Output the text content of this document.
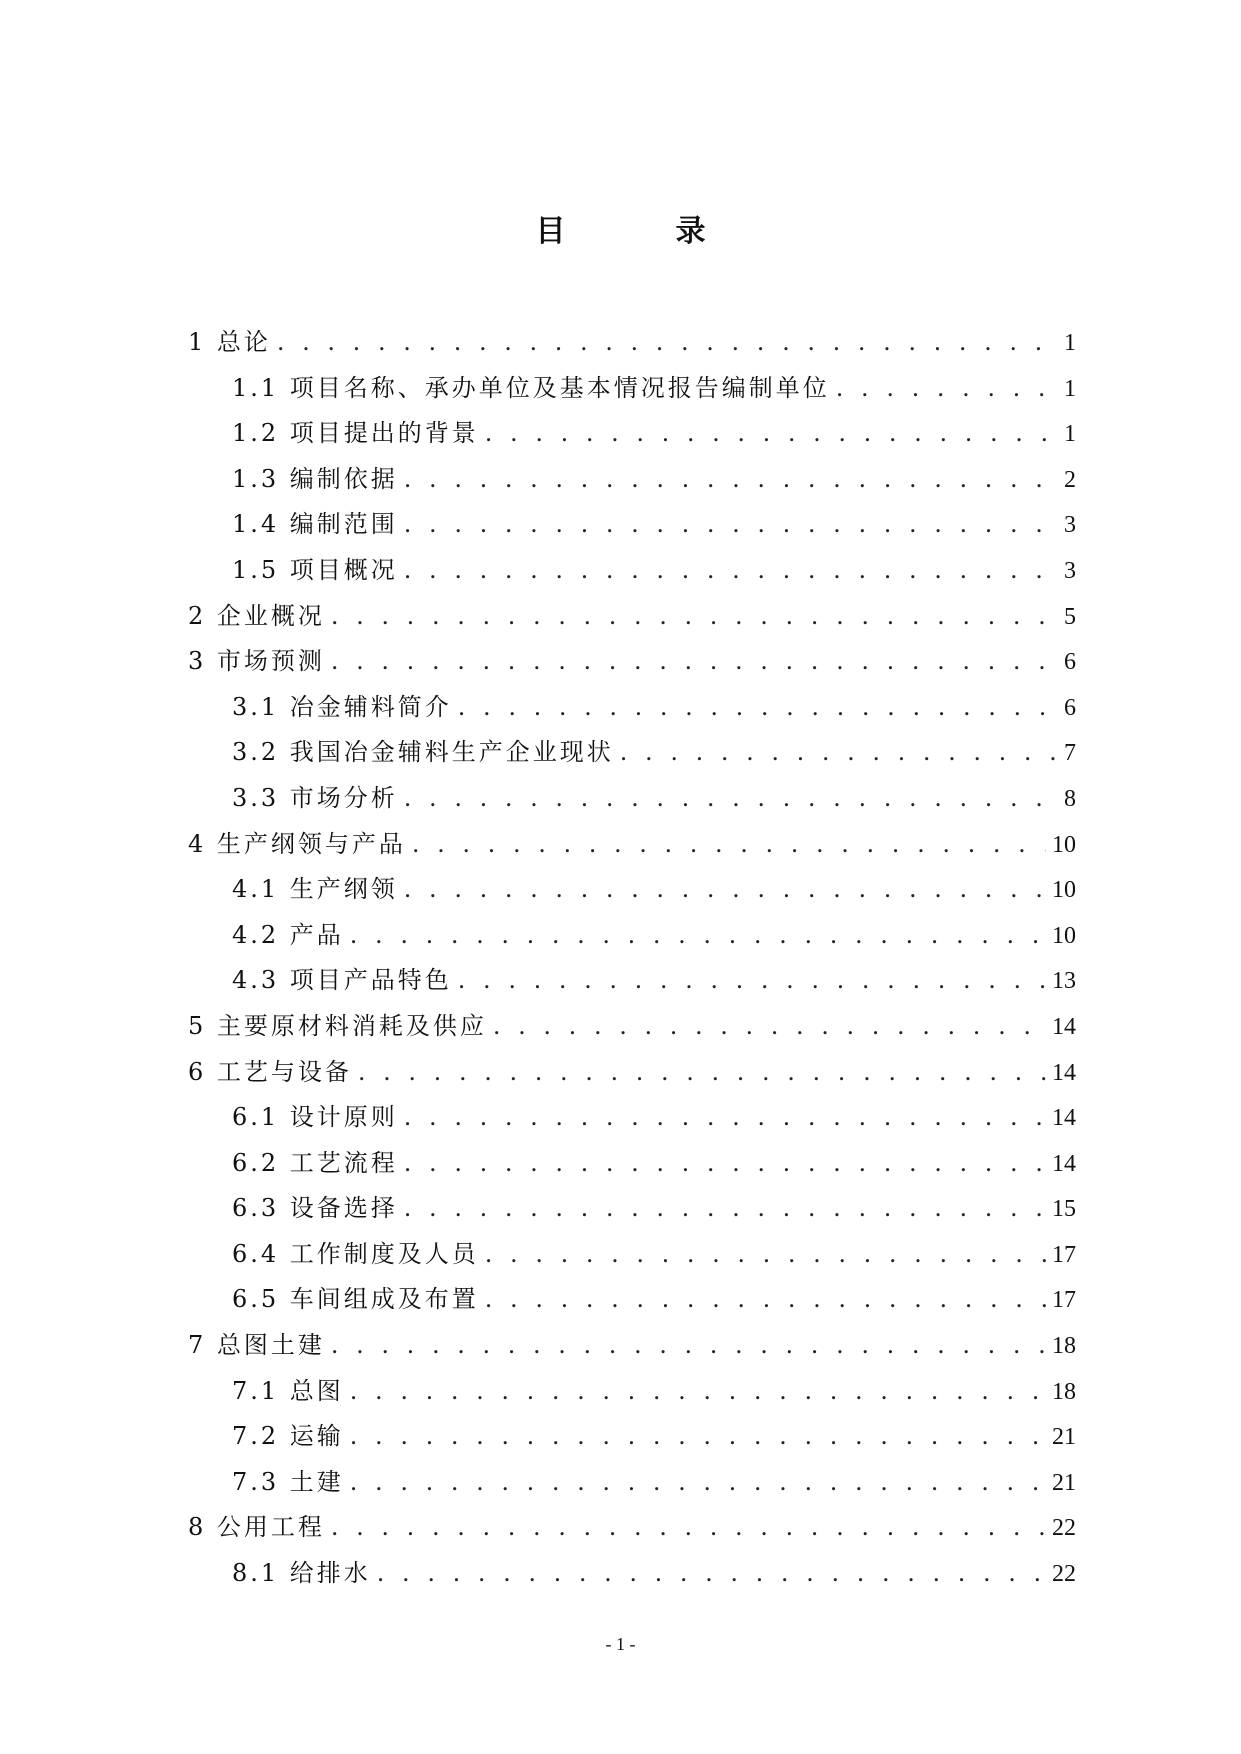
目　录
1 总论 . . .	1
1.1 项目名称、承办单位及基本情况报告编制单位 . . .	1
1.2 项目提出的背景 . . .	1
1.3 编制依据 . . .	2
1.4 编制范围 . . .	3
1.5 项目概况 . . .	3
2 企业概况 . . .	5
3 市场预测 . . .	6
3.1 冶金辅料简介 . . .	6
3.2 我国冶金辅料生产企业现状 . . .	7
3.3 市场分析 . . .	8
4 生产纲领与产品 . . .	10
4.1 生产纲领 . . .	10
4.2 产品 . . .	10
4.3 项目产品特色 . . .	13
5 主要原材料消耗及供应 . . .	14
6 工艺与设备 . . .	14
6.1 设计原则 . . .	14
6.2 工艺流程 . . .	14
6.3 设备选择 . . .	15
6.4 工作制度及人员 . . .	17
6.5 车间组成及布置 . . .	17
7 总图土建 . . .	18
7.1 总图 . . .	18
7.2 运输 . . .	21
7.3 土建 . . .	21
8 公用工程 . . .	22
8.1 给排水 . . .	22
- 1 -
